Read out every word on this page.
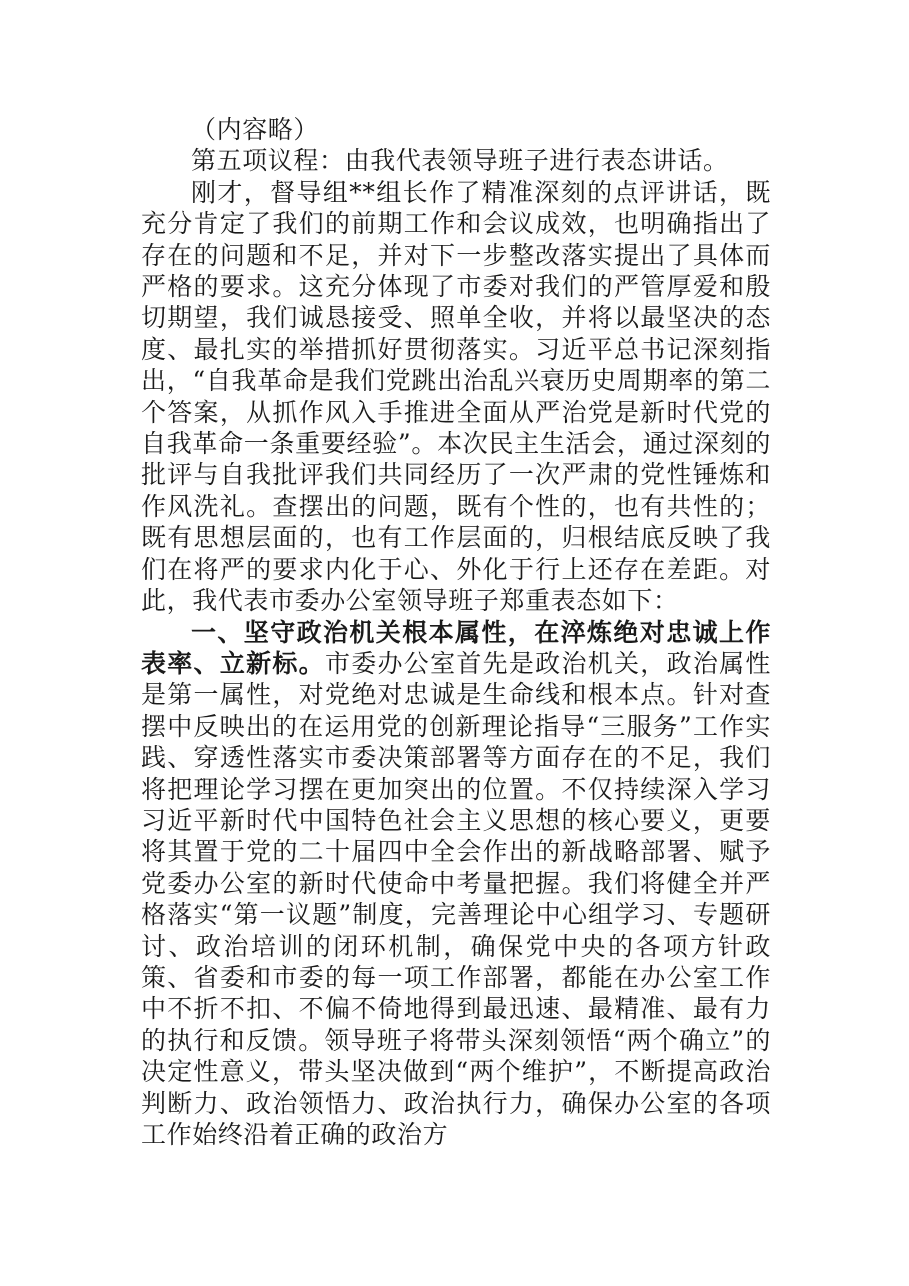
（内容略）

第五项议程：由我代表领导班子进行表态讲话。

刚才，督导组**组长作了精准深刻的点评讲话，既充分肯定了我们的前期工作和会议成效，也明确指出了存在的问题和不足，并对下一步整改落实提出了具体而严格的要求。这充分体现了市委对我们的严管厚爱和殷切期望，我们诚恳接受、照单全收，并将以最坚决的态度、最扎实的举措抓好贯彻落实。习近平总书记深刻指出，“自我革命是我们党跳出治乱兴衰历史周期率的第二个答案，从抓作风入手推进全面从严治党是新时代党的自我革命一条重要经验”。本次民主生活会，通过深刻的批评与自我批评我们共同经历了一次严肃的党性锤炼和作风洗礼。查摆出的问题，既有个性的，也有共性的；既有思想层面的，也有工作层面的，归根结底反映了我们在将严的要求内化于心、外化于行上还存在差距。对此，我代表市委办公室领导班子郑重表态如下：

一、坚守政治机关根本属性，在淬炼绝对忠诚上作表率、立新标。市委办公室首先是政治机关，政治属性是第一属性，对党绝对忠诚是生命线和根本点。针对查摆中反映出的在运用党的创新理论指导“三服务”工作实践、穿透性落实市委决策部署等方面存在的不足，我们将把理论学习摆在更加突出的位置。不仅持续深入学习习近平新时代中国特色社会主义思想的核心要义，更要将其置于党的二十届四中全会作出的新战略部署、赋予党委办公室的新时代使命中考量把握。我们将健全并严格落实“第一议题”制度，完善理论中心组学习、专题研讨、政治培训的闭环机制，确保党中央的各项方针政策、省委和市委的每一项工作部署，都能在办公室工作中不折不扣、不偏不倚地得到最迅速、最精准、最有力的执行和反馈。领导班子将带头深刻领悟“两个确立”的决定性意义，带头坚决做到“两个维护”，不断提高政治判断力、政治领悟力、政治执行力，确保办公室的各项工作始终沿着正确的政治方
